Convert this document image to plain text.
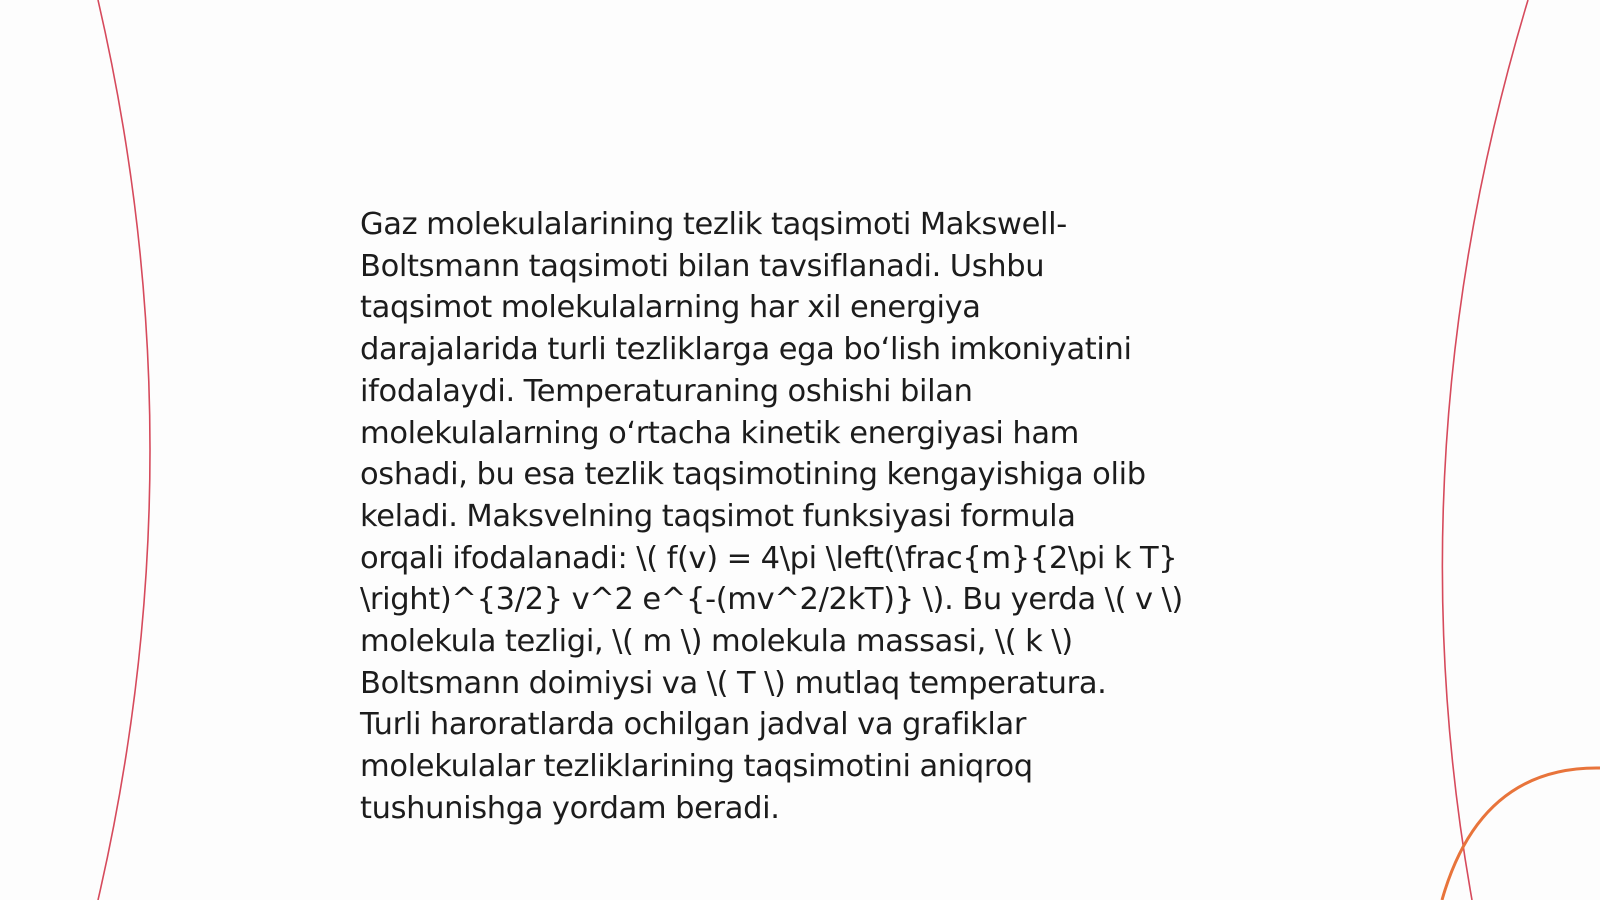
Gaz molekulalarining tezlik taqsimoti Makswell-
Boltsmann taqsimoti bilan tavsiflanadi. Ushbu
taqsimot molekulalarning har xil energiya
darajalarida turli tezliklarga ega boʻlish imkoniyatini
ifodalaydi. Temperaturaning oshishi bilan
molekulalarning oʻrtacha kinetik energiyasi ham
oshadi, bu esa tezlik taqsimotining kengayishiga olib
keladi. Maksvelning taqsimot funksiyasi formula
orqali ifodalanadi: \( f(v) = 4\pi \left(\frac{m}{2\pi k T}
\right)^{3/2} v^2 e^{-(mv^2/2kT)} \). Bu yerda \( v \)
molekula tezligi, \( m \) molekula massasi, \( k \)
Boltsmann doimiysi va \( T \) mutlaq temperatura.
Turli haroratlarda ochilgan jadval va grafiklar
molekulalar tezliklarining taqsimotini aniqroq
tushunishga yordam beradi.
